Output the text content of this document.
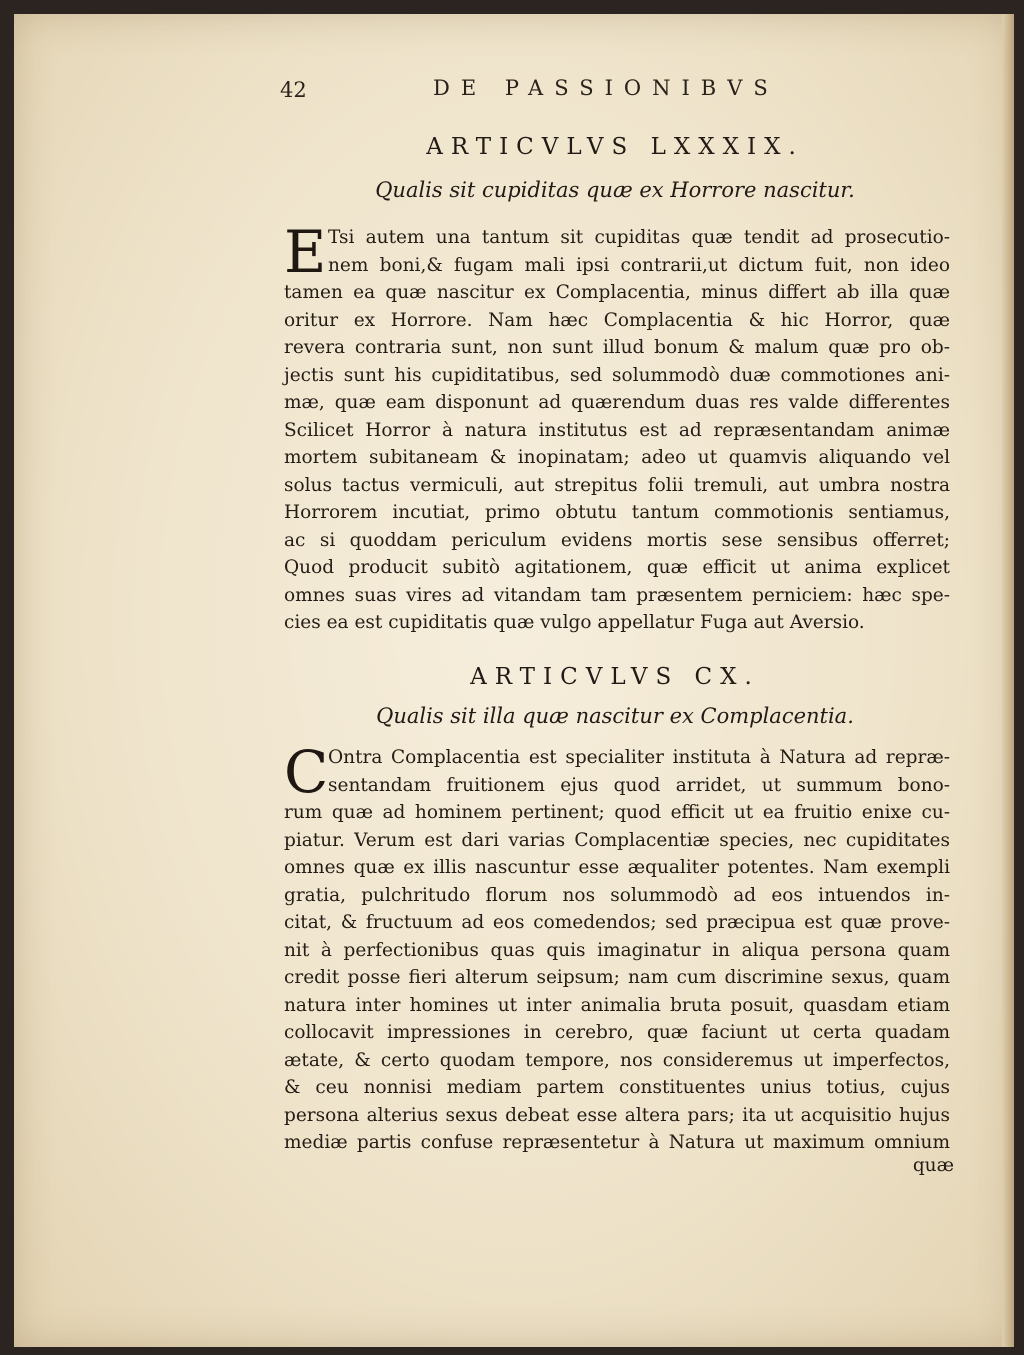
42	DE PASSIONIBVS
ARTICVLVS LXXXIX.
Qualis sit cupiditas quæ ex Horrore nascitur.
E Tsi autem una tantum sit cupiditas quæ tendit ad prosecutio-
nem boni,& fugam mali ipsi contrarii,ut dictum fuit, non ideo
tamen ea quæ nascitur ex Complacentia, minus differt ab illa quæ
oritur ex Horrore. Nam hæc Complacentia & hic Horror, quæ
revera contraria sunt, non sunt illud bonum & malum quæ pro ob-
jectis sunt his cupiditatibus, sed solummodò duæ commotiones ani-
mæ, quæ eam disponunt ad quærendum duas res valde differentes
Scilicet Horror à natura institutus est ad repræsentandam animæ
mortem subitaneam & inopinatam; adeo ut quamvis aliquando vel
solus tactus vermiculi, aut strepitus folii tremuli, aut umbra nostra
Horrorem incutiat, primo obtutu tantum commotionis sentiamus,
ac si quoddam periculum evidens mortis sese sensibus offerret;
Quod producit subitò agitationem, quæ efficit ut anima explicet
omnes suas vires ad vitandam tam præsentem perniciem: hæc spe-
cies ea est cupiditatis quæ vulgo appellatur Fuga aut Aversio.
ARTICVLVS CX.
Qualis sit illa quæ nascitur ex Complacentia.
C Ontra Complacentia est specialiter instituta à Natura ad repræ-
sentandam fruitionem ejus quod arridet, ut summum bono-
rum quæ ad hominem pertinent; quod efficit ut ea fruitio enixe cu-
piatur. Verum est dari varias Complacentiæ species, nec cupiditates
omnes quæ ex illis nascuntur esse æqualiter potentes. Nam exempli
gratia, pulchritudo florum nos solummodò ad eos intuendos in-
citat, & fructuum ad eos comedendos; sed præcipua est quæ prove-
nit à perfectionibus quas quis imaginatur in aliqua persona quam
credit posse fieri alterum seipsum; nam cum discrimine sexus, quam
natura inter homines ut inter animalia bruta posuit, quasdam etiam
collocavit impressiones in cerebro, quæ faciunt ut certa quadam
ætate, & certo quodam tempore, nos consideremus ut imperfectos,
& ceu nonnisi mediam partem constituentes unius totius, cujus
persona alterius sexus debeat esse altera pars; ita ut acquisitio hujus
mediæ partis confuse repræsentetur à Natura ut maximum omnium
quæ
